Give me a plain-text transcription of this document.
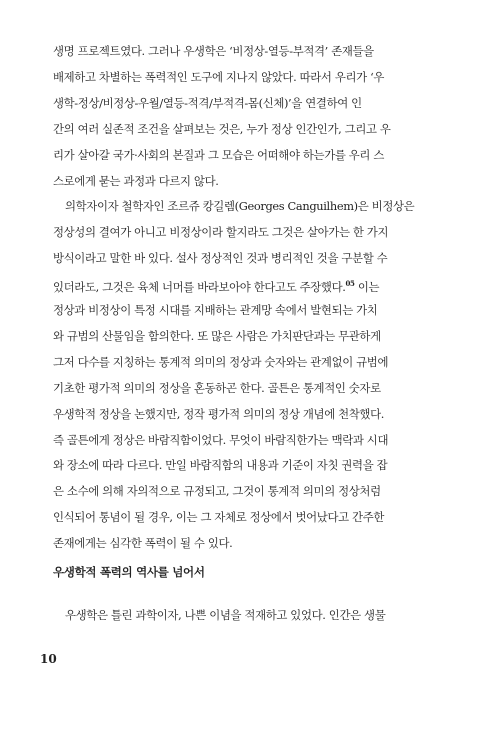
생명 프로젝트였다. 그러나 우생학은 ‘비정상-열등-부적격’ 존재들을
배제하고 차별하는 폭력적인 도구에 지나지 않았다. 따라서 우리가 ‘우
생학-정상/비정상-우월/열등-적격/부적격-몸(신체)’을 연결하여 인
간의 여러 실존적 조건을 살펴보는 것은, 누가 정상 인간인가, 그리고 우
리가 살아갈 국가·사회의 본질과 그 모습은 어떠해야 하는가를 우리 스
스로에게 묻는 과정과 다르지 않다.
의학자이자 철학자인 조르쥬 캉길렘(Georges Canguilhem)은 비정상은
정상성의 결여가 아니고 비정상이라 할지라도 그것은 살아가는 한 가지
방식이라고 말한 바 있다. 설사 정상적인 것과 병리적인 것을 구분할 수
있더라도, 그것은 육체 너머를 바라보아야 한다고도 주장했다.$^{05}$ 이는
정상과 비정상이 특정 시대를 지배하는 관계망 속에서 발현되는 가치
와 규범의 산물임을 함의한다. 또 많은 사람은 가치판단과는 무관하게
그저 다수를 지칭하는 통계적 의미의 정상과 숫자와는 관계없이 규범에
기초한 평가적 의미의 정상을 혼동하곤 한다. 골튼은 통계적인 숫자로
우생학적 정상을 논했지만, 정작 평가적 의미의 정상 개념에 천착했다.
즉 골튼에게 정상은 바람직함이었다. 무엇이 바람직한가는 맥락과 시대
와 장소에 따라 다르다. 만일 바람직함의 내용과 기준이 자칫 권력을 잡
은 소수에 의해 자의적으로 규정되고, 그것이 통계적 의미의 정상처럼
우생학적 폭력의 역사를 넘어서
우생학은 틀린 과학이자, 나쁜 이념을 적재하고 있었다. 인간은 생물
10
인식되어 통념이 될 경우, 이는 그 자체로 정상에서 벗어났다고 간주한
존재에게는 심각한 폭력이 될 수 있다.
